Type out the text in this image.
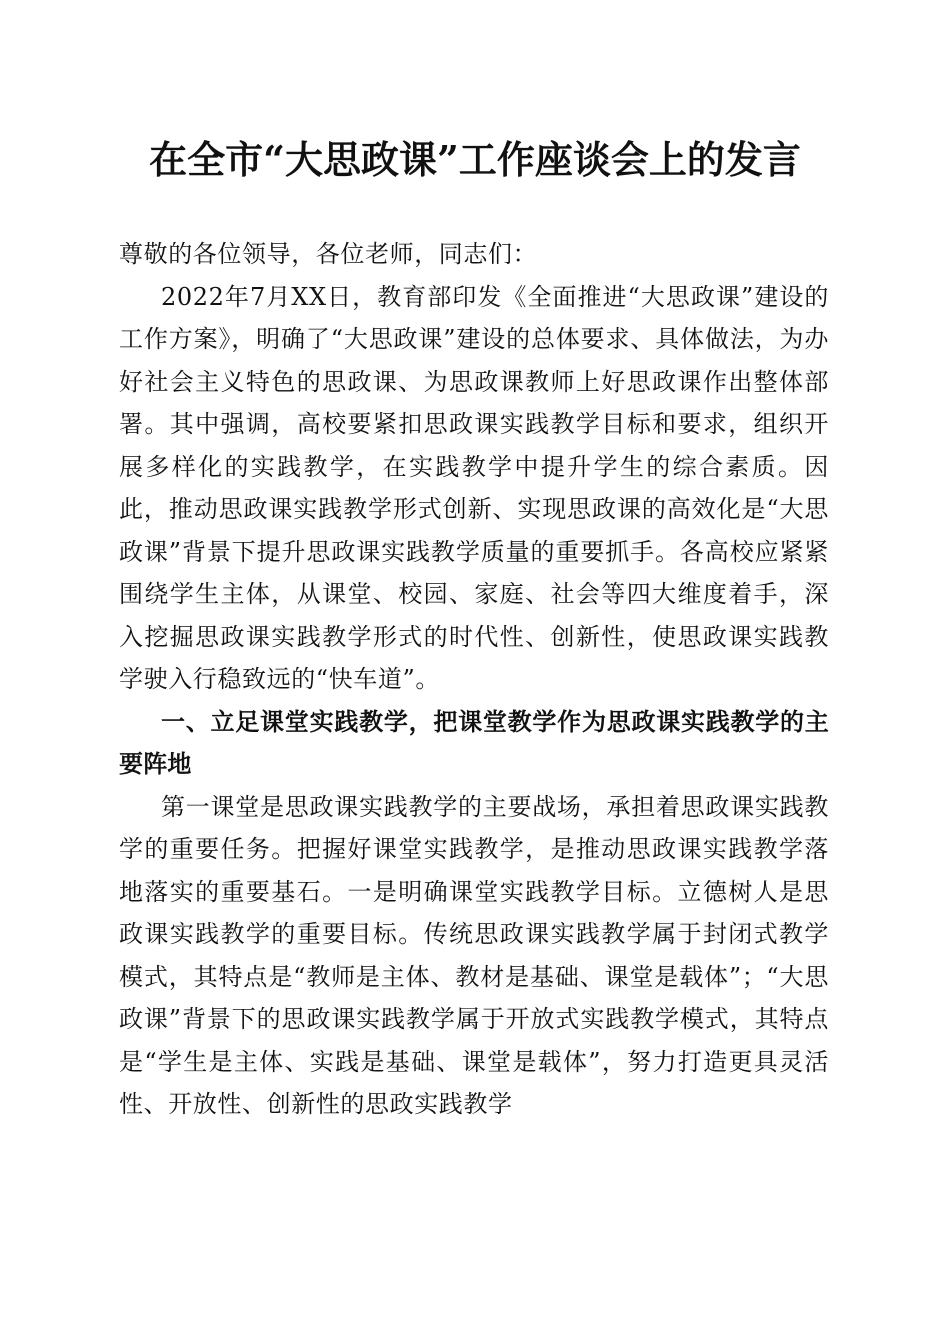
在全市“大思政课”工作座谈会上的发言

尊敬的各位领导，各位老师，同志们：

2022年7月XX日，教育部印发《全面推进“大思政课”建设的工作方案》，明确了“大思政课”建设的总体要求、具体做法，为办好社会主义特色的思政课、为思政课教师上好思政课作出整体部署。其中强调，高校要紧扣思政课实践教学目标和要求，组织开展多样化的实践教学，在实践教学中提升学生的综合素质。因此，推动思政课实践教学形式创新、实现思政课的高效化是“大思政课”背景下提升思政课实践教学质量的重要抓手。各高校应紧紧围绕学生主体，从课堂、校园、家庭、社会等四大维度着手，深入挖掘思政课实践教学形式的时代性、创新性，使思政课实践教学驶入行稳致远的“快车道”。

一、立足课堂实践教学，把课堂教学作为思政课实践教学的主要阵地

第一课堂是思政课实践教学的主要战场，承担着思政课实践教学的重要任务。把握好课堂实践教学，是推动思政课实践教学落地落实的重要基石。一是明确课堂实践教学目标。立德树人是思政课实践教学的重要目标。传统思政课实践教学属于封闭式教学模式，其特点是“教师是主体、教材是基础、课堂是载体”；“大思政课”背景下的思政课实践教学属于开放式实践教学模式，其特点是“学生是主体、实践是基础、课堂是载体”，努力打造更具灵活性、开放性、创新性的思政实践教学
